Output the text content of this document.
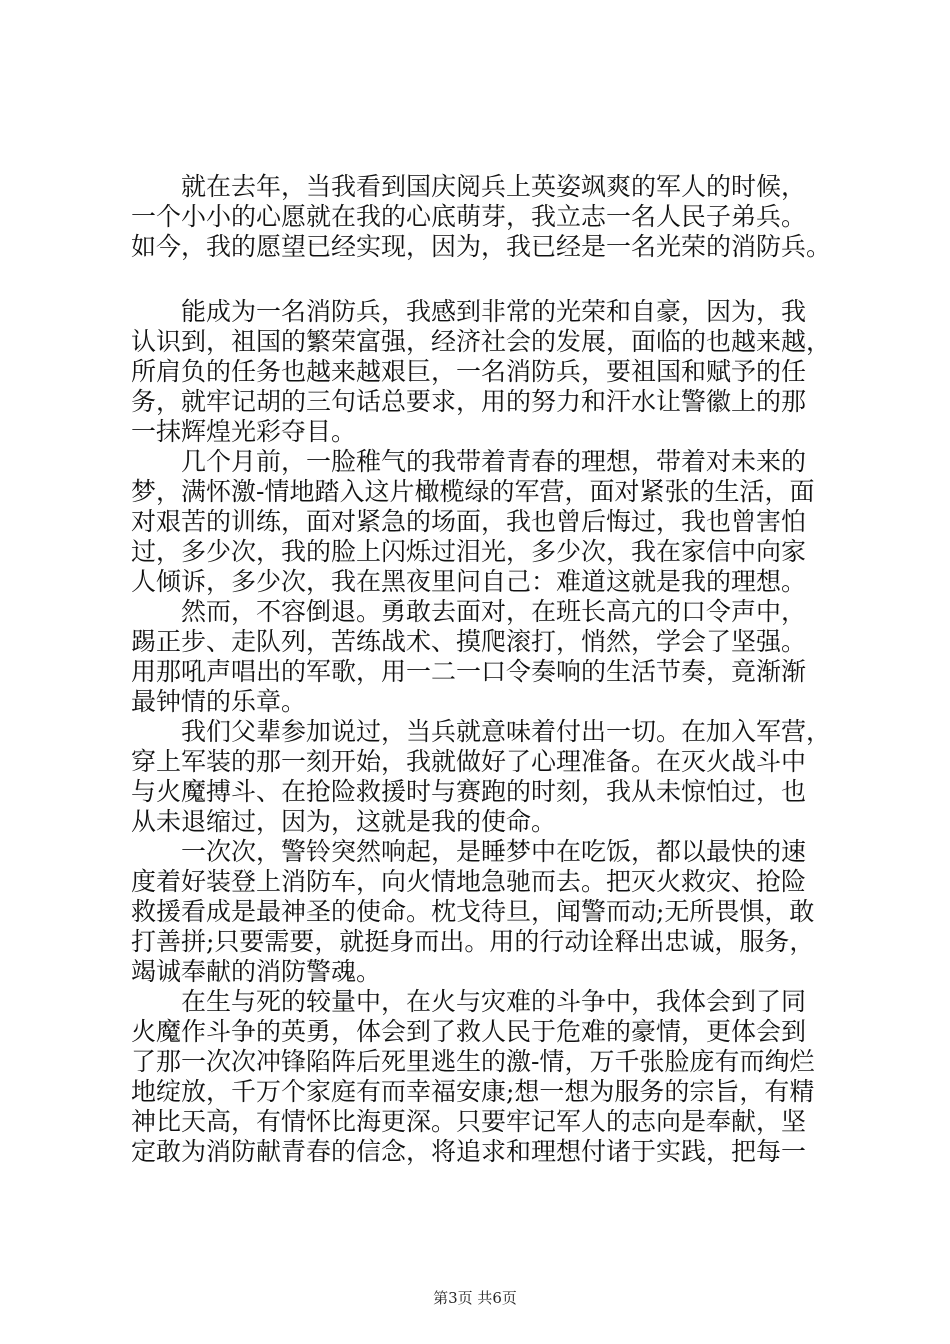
就在去年，当我看到国庆阅兵上英姿飒爽的军人的时候，
一个小小的心愿就在我的心底萌芽，我立志一名人民子弟兵。
如今，我的愿望已经实现，因为，我已经是一名光荣的消防兵。
能成为一名消防兵，我感到非常的光荣和自豪，因为，我
认识到，祖国的繁荣富强，经济社会的发展，面临的也越来越，
所肩负的任务也越来越艰巨，一名消防兵，要祖国和赋予的任
务，就牢记胡的三句话总要求，用的努力和汗水让警徽上的那
一抹辉煌光彩夺目。
几个月前，一脸稚气的我带着青春的理想，带着对未来的
梦，满怀激-情地踏入这片橄榄绿的军营，面对紧张的生活，面
对艰苦的训练，面对紧急的场面，我也曾后悔过，我也曾害怕
过，多少次，我的脸上闪烁过泪光，多少次，我在家信中向家
人倾诉，多少次，我在黑夜里问自己：难道这就是我的理想。
然而，不容倒退。勇敢去面对，在班长高亢的口令声中，
踢正步、走队列，苦练战术、摸爬滚打，悄然，学会了坚强。
用那吼声唱出的军歌，用一二一口令奏响的生活节奏，竟渐渐
最钟情的乐章。
我们父辈参加说过，当兵就意味着付出一切。在加入军营，
穿上军装的那一刻开始，我就做好了心理准备。在灭火战斗中
与火魔搏斗、在抢险救援时与赛跑的时刻，我从未惊怕过，也
从未退缩过，因为，这就是我的使命。
一次次，警铃突然响起，是睡梦中在吃饭，都以最快的速
度着好装登上消防车，向火情地急驰而去。把灭火救灾、抢险
救援看成是最神圣的使命。枕戈待旦，闻警而动;无所畏惧，敢
打善拼;只要需要，就挺身而出。用的行动诠释出忠诚，服务，
竭诚奉献的消防警魂。
在生与死的较量中，在火与灾难的斗争中，我体会到了同
火魔作斗争的英勇，体会到了救人民于危难的豪情，更体会到
了那一次次冲锋陷阵后死里逃生的激-情，万千张脸庞有而绚烂
地绽放，千万个家庭有而幸福安康;想一想为服务的宗旨，有精
神比天高，有情怀比海更深。只要牢记军人的志向是奉献，坚
定敢为消防献青春的信念，将追求和理想付诸于实践，把每一
第3页 共6页
